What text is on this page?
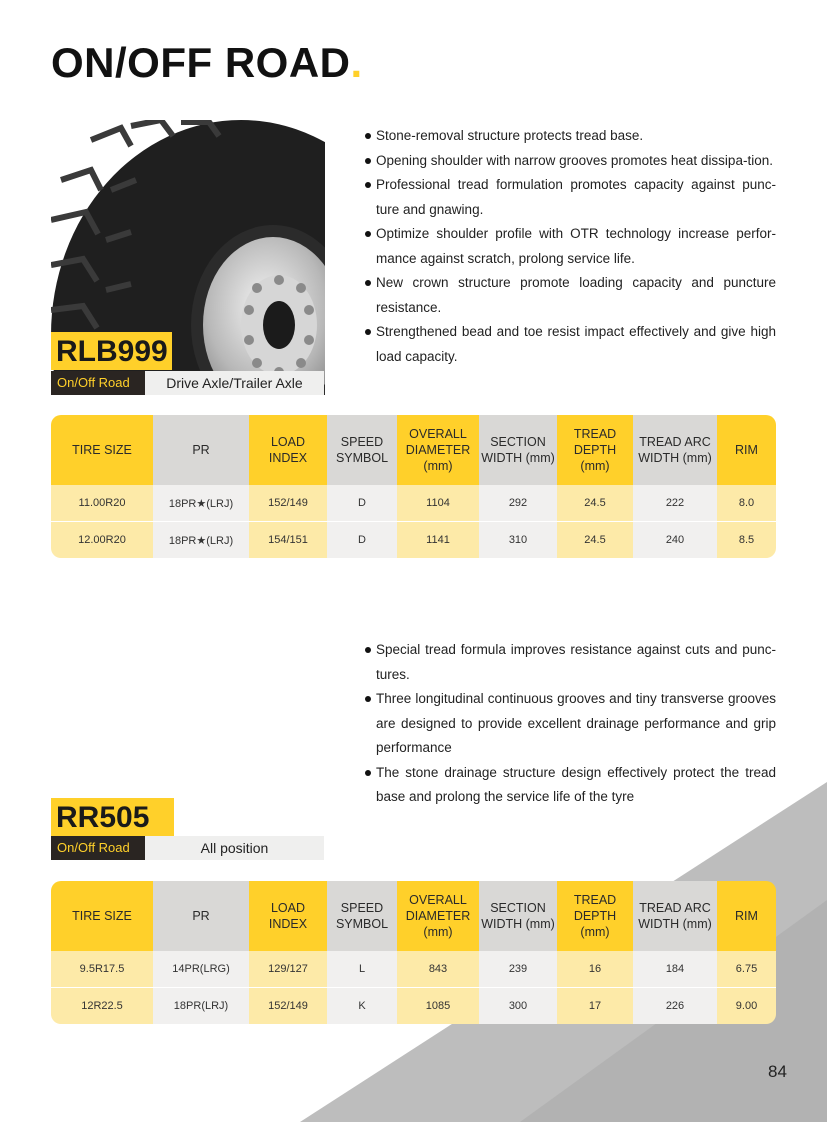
ON/OFF ROAD.
RLB999
On/Off Road	Drive Axle/Trailer Axle
Stone-removal structure protects tread base.
Opening shoulder with narrow grooves promotes heat dissipa-tion.
Professional tread formulation promotes capacity against punc-ture and gnawing.
Optimize shoulder profile with OTR technology increase perfor-mance against scratch, prolong service life.
New crown structure promote loading capacity and puncture resistance.
Strengthened bead and toe resist impact effectively and give high load capacity.
TIRE SIZE	PR	LOAD INDEX	SPEED SYMBOL	OVERALL DIAMETER (mm)	SECTION WIDTH (mm)	TREAD DEPTH (mm)	TREAD ARC WIDTH (mm)	RIM
11.00R20	18PR★(LRJ)	152/149	D	1104	292	24.5	222	8.0
12.00R20	18PR★(LRJ)	154/151	D	1141	310	24.5	240	8.5
Special tread formula improves resistance against cuts and punc-tures.
Three longitudinal continuous grooves and tiny transverse grooves are designed to provide excellent drainage performance and grip performance
The stone drainage structure design effectively protect the tread base and prolong the service life of the tyre
RR505
On/Off Road	All position
TIRE SIZE	PR	LOAD INDEX	SPEED SYMBOL	OVERALL DIAMETER (mm)	SECTION WIDTH (mm)	TREAD DEPTH (mm)	TREAD ARC WIDTH (mm)	RIM
9.5R17.5	14PR(LRG)	129/127	L	843	239	16	184	6.75
12R22.5	18PR(LRJ)	152/149	K	1085	300	17	226	9.00
84
